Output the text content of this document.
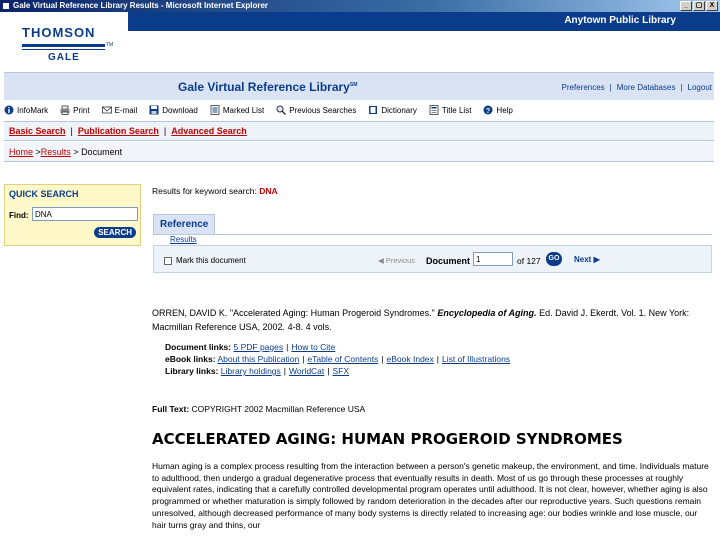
Gale Virtual Reference Library Results - Microsoft Internet Explorer	_	▢	X
Anytown Public Library
THOMSON
TM
GALE
Gale Virtual Reference Library℠	Preferences | More Databases | Logout
InfoMark	Print	E-mail	Download	Marked List	Previous Searches	Dictionary	Title List ? Help
Basic Search | Publication Search | Advanced Search
Home >Results > Document
QUICK SEARCH
Find:
DNA
SEARCH
Results for keyword search: DNA
Reference
Results
Mark this document	◀ Previous Document
1	of 127	GO	Next ▶
ORREN, DAVID K. "Accelerated Aging: Human Progeroid Syndromes." Encyclopedia of Aging. Ed. David J. Ekerdt. Vol. 1. New York: Macmillan Reference USA, 2002. 4-8. 4 vols.
Document links: 5 PDF pages | How to Cite
eBook links: About this Publication | eTable of Contents | eBook Index | List of Illustrations
Library links: Library holdings | WorldCat | SFX
Full Text: COPYRIGHT 2002 Macmillan Reference USA
ACCELERATED AGING: HUMAN PROGEROID SYNDROMES
Human aging is a complex process resulting from the interaction between a person's genetic makeup, the environment, and time. Individuals mature to adulthood, then undergo a gradual degenerative process that eventually results in death. Most of us go through these processes at roughly equivalent rates, indicating that a carefully controlled developmental program operates until adulthood. It is not clear, however, whether aging is also programmed or whether maturation is simply followed by random deterioration in the decades after our reproductive years. Such questions remain unresolved, although decreased performance of many body systems is directly related to increasing age: our bodies wrinkle and lose muscle, our hair turns gray and thins, our
